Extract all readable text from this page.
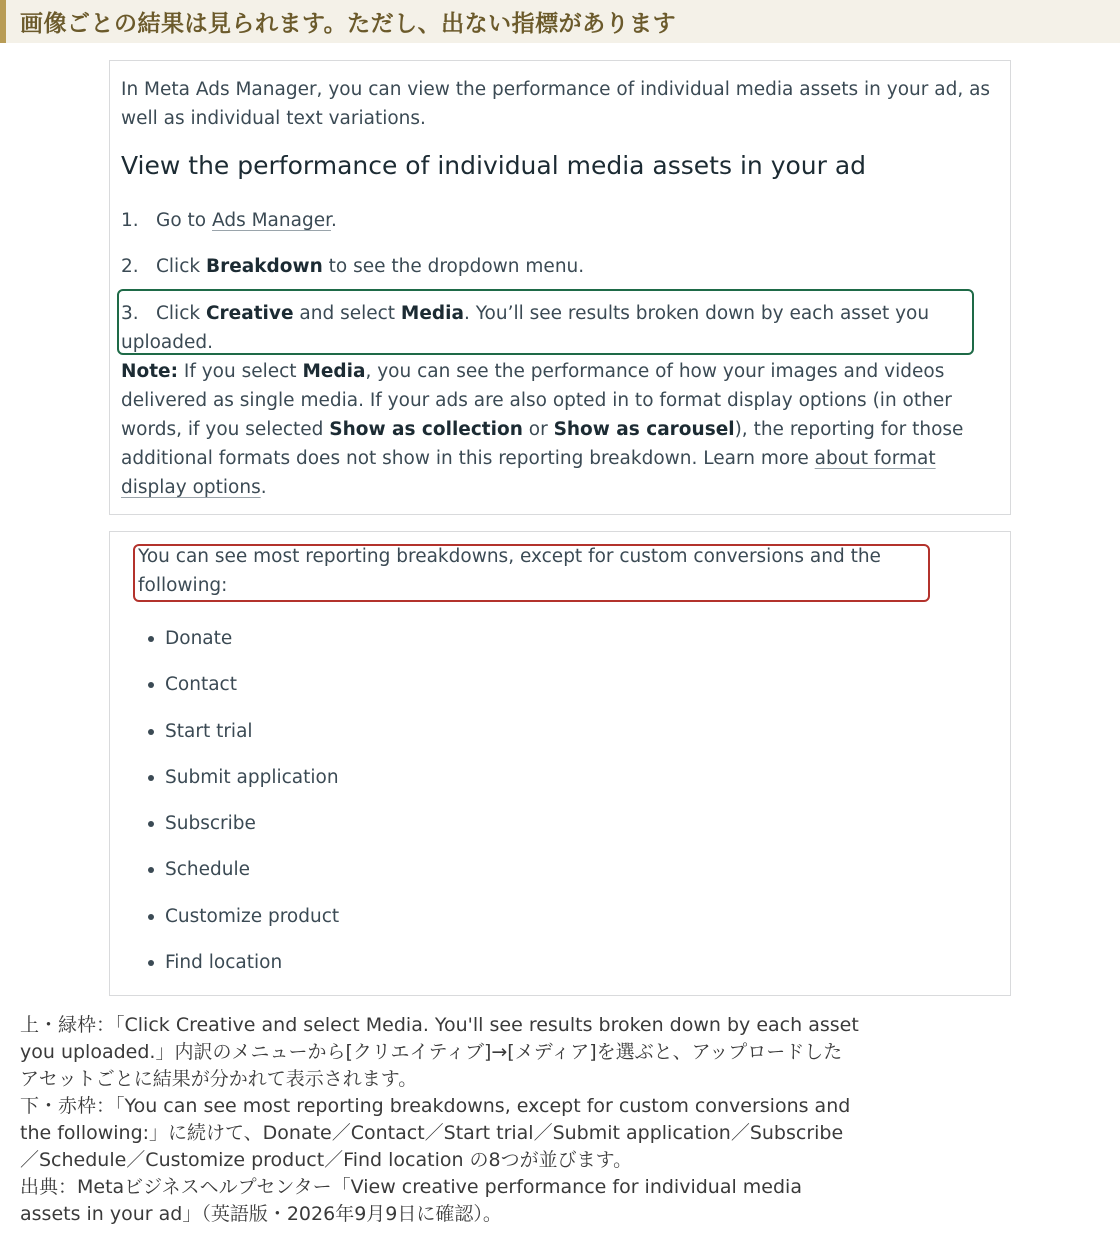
画像ごとの結果は見られます。ただし、出ない指標があります

In Meta Ads Manager, you can view the performance of individual media assets in your ad, as well as individual text variations.

View the performance of individual media assets in your ad

1. Go to Ads Manager.

2. Click Breakdown to see the dropdown menu.

3. Click Creative and select Media. You’ll see results broken down by each asset you uploaded.

Note: If you select Media, you can see the performance of how your images and videos delivered as single media. If your ads are also opted in to format display options (in other words, if you selected Show as collection or Show as carousel), the reporting for those additional formats does not show in this reporting breakdown. Learn more about format display options.

You can see most reporting breakdowns, except for custom conversions and the following:

Donate
Contact
Start trial
Submit application
Subscribe
Schedule
Customize product
Find location

上・緑枠：「Click Creative and select Media. You'll see results broken down by each asset you uploaded.」内訳のメニューから[クリエイティブ]→[メディア]を選ぶと、アップロードしたアセットごとに結果が分かれて表示されます。

下・赤枠：「You can see most reporting breakdowns, except for custom conversions and the following:」に続けて、Donate／Contact／Start trial／Submit application／Subscribe／Schedule／Customize product／Find location の8つが並びます。

出典：Metaビジネスヘルプセンター「View creative performance for individual media assets in your ad」（英語版・2026年9月9日に確認）。
